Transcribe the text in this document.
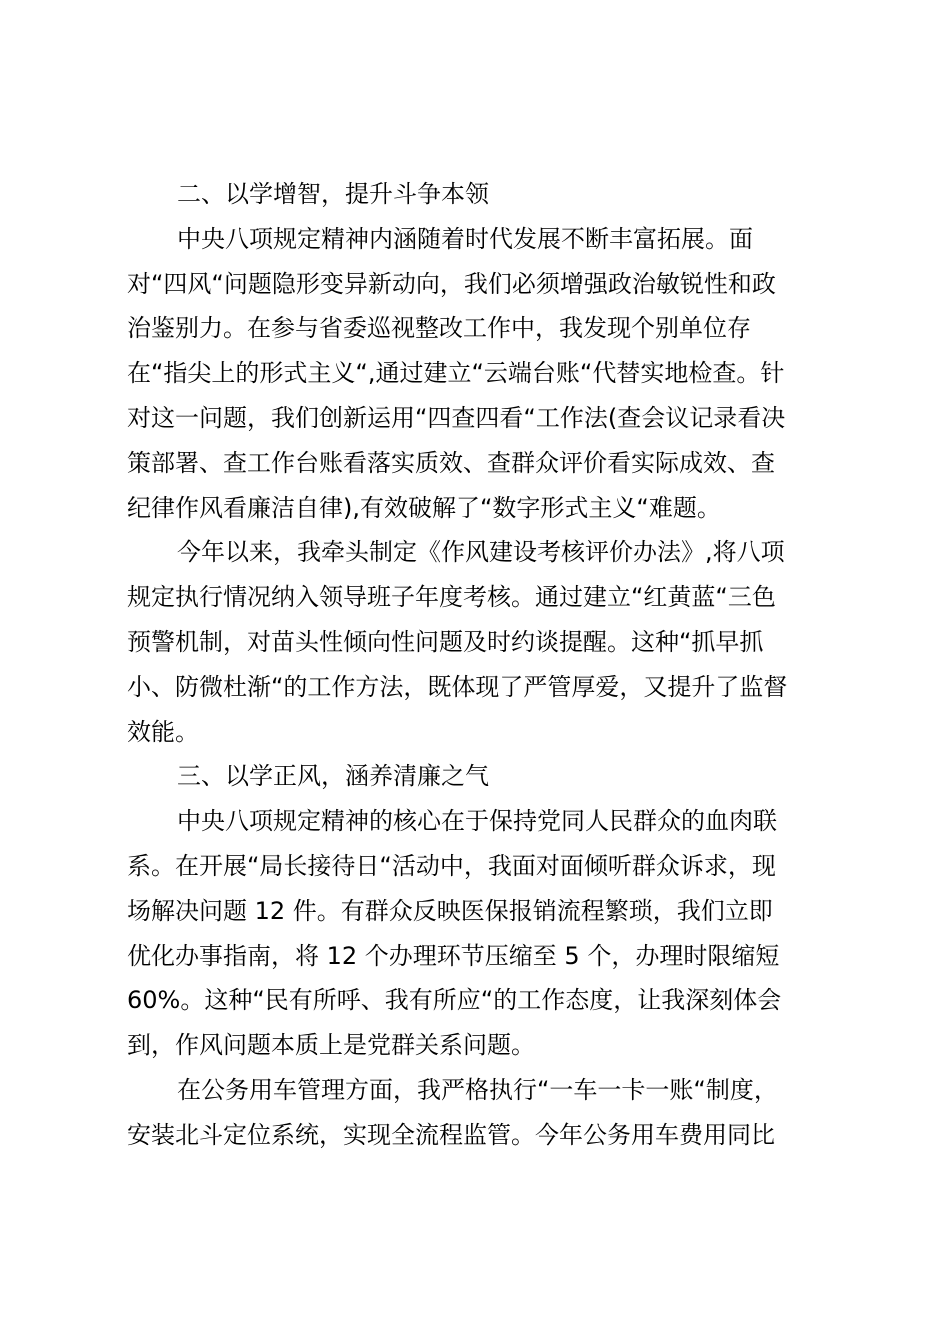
二、以学增智，提升斗争本领
中央八项规定精神内涵随着时代发展不断丰富拓展。面
对“四风“问题隐形变异新动向，我们必须增强政治敏锐性和政
治鉴别力。在参与省委巡视整改工作中，我发现个别单位存
在“指尖上的形式主义“,通过建立“云端台账“代替实地检查。针
对这一问题，我们创新运用“四查四看“工作法(查会议记录看决
策部署、查工作台账看落实质效、查群众评价看实际成效、查
纪律作风看廉洁自律),有效破解了“数字形式主义“难题。
今年以来，我牵头制定《作风建设考核评价办法》,将八项
规定执行情况纳入领导班子年度考核。通过建立“红黄蓝“三色
预警机制，对苗头性倾向性问题及时约谈提醒。这种“抓早抓
小、防微杜渐“的工作方法，既体现了严管厚爱，又提升了监督
效能。
三、以学正风，涵养清廉之气
中央八项规定精神的核心在于保持党同人民群众的血肉联
系。在开展“局长接待日“活动中，我面对面倾听群众诉求，现
场解决问题 12 件。有群众反映医保报销流程繁琐，我们立即
优化办事指南，将 12 个办理环节压缩至 5 个，办理时限缩短
60%。这种“民有所呼、我有所应“的工作态度，让我深刻体会
到，作风问题本质上是党群关系问题。
在公务用车管理方面，我严格执行“一车一卡一账“制度，
安装北斗定位系统，实现全流程监管。今年公务用车费用同比
